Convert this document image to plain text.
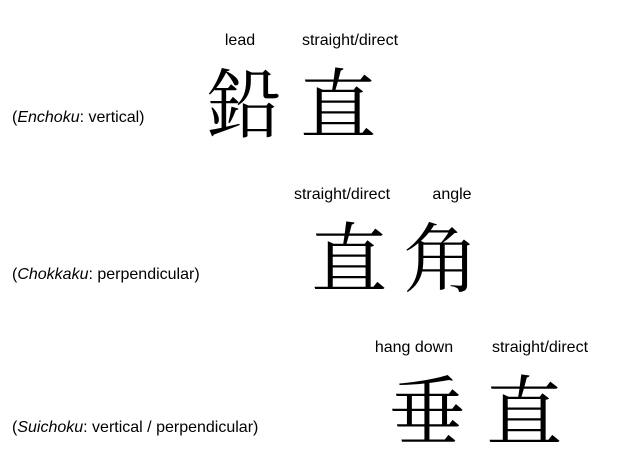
lead	straight/direct
鉛 直
(Enchoku: vertical)
straight/direct	angle
直 角
(Chokkaku: perpendicular)
hang down	straight/direct
垂 直
(Suichoku: vertical / perpendicular)
